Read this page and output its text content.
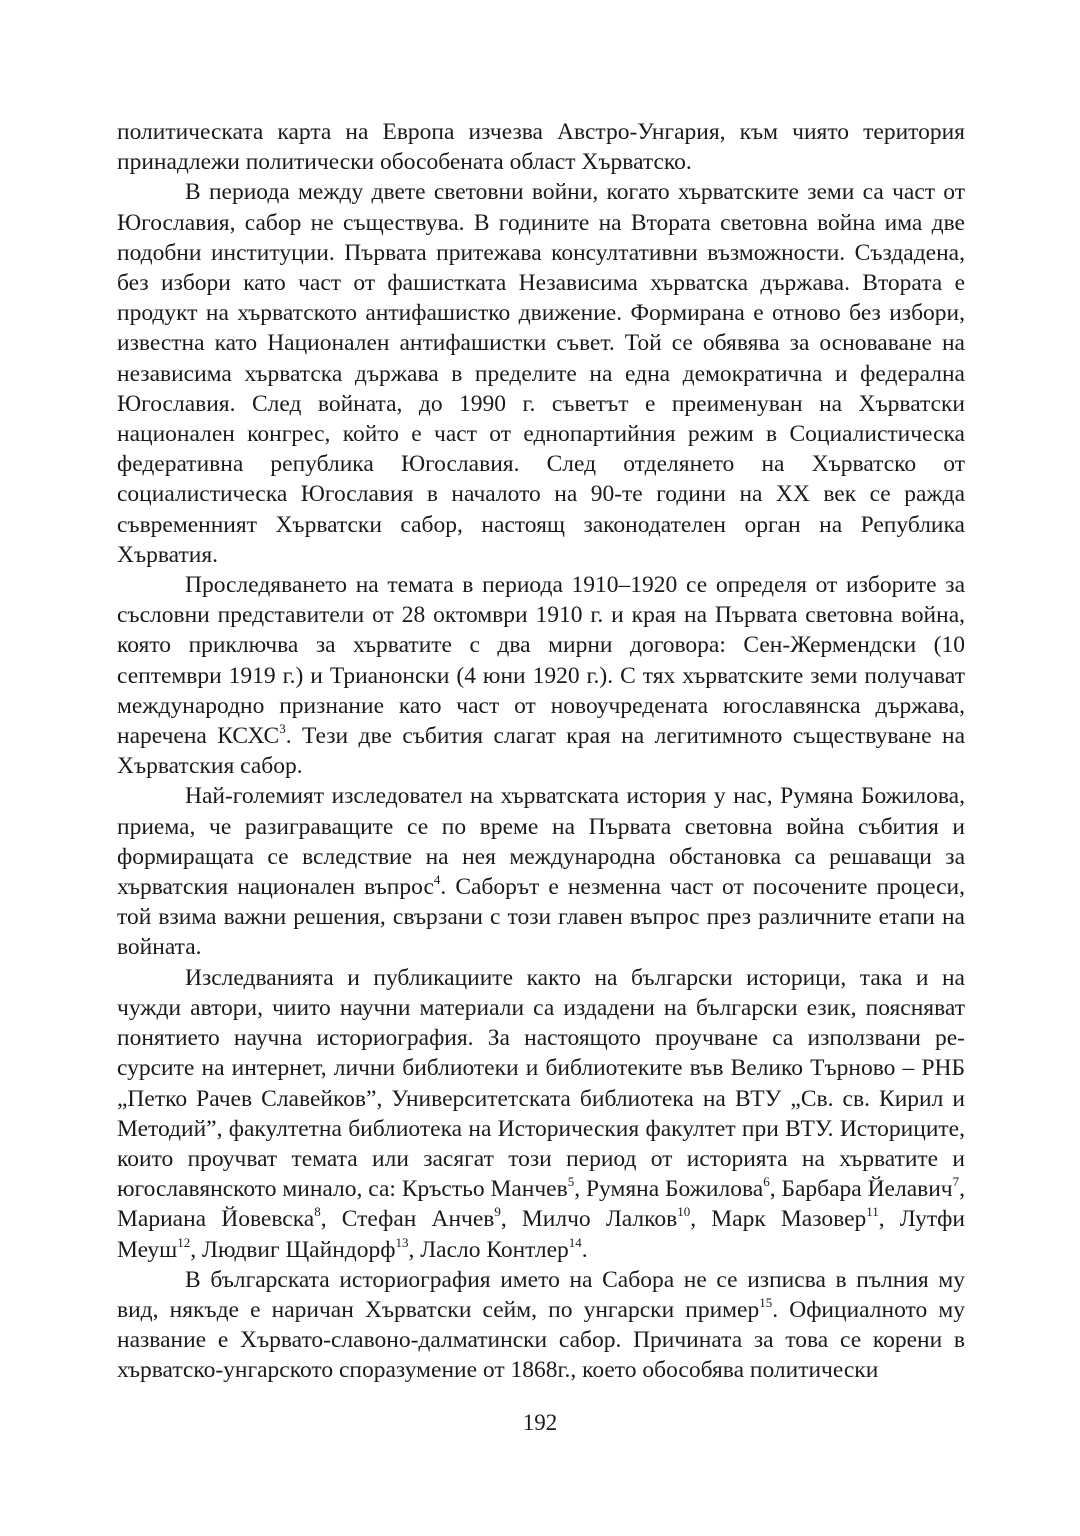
политическата карта на Европа изчезва Австро-Унгария, към чиято територия принадлежи политически обособената област Хърватско.

В периода между двете световни войни, когато хърватските земи са част от Югославия, сабор не съществува. В годините на Втората световна война има две подобни институции. Първата притежава консултативни възможности. Създадена, без избори като част от фашистката Независима хърватска държава. Втората е продукт на хърватското антифашистко движение. Формирана е отново без избори, известна като Национален антифашистки съвет. Той се обявява за основаване на независима хърватска държава в пределите на една демократична и федерална Югославия. След войната, до 1990 г. съветът е преименуван на Хърватски национален конгрес, който е част от еднопартийния режим в Социалистическа федеративна република Югославия. След отделянето на Хърватско от социалистическа Югославия в началото на 90-те години на XX век се ражда съвременният Хърватски сабор, настоящ законодателен орган на Република Хърватия.

Проследяването на темата в периода 1910–1920 се определя от изборите за съсловни представители от 28 октомври 1910 г. и края на Първата световна война, която приключва за хърватите с два мирни договора: Сен-Жермендски (10 септември 1919 г.) и Трианонски (4 юни 1920 г.). С тях хърватските земи получават международно признание като част от новоучредената югославянска държава, наречена КСХС$^3$. Тези две събития слагат края на легитимното съществуване на Хърватския сабор.

Най-големият изследовател на хърватската история у нас, Румяна Божилова, приема, че разиграващите се по време на Първата световна война събития и формиращата се вследствие на нея международна обстановка са решаващи за хърватския национален въпрос$^4$. Саборът е незменна част от посочените процеси, той взима важни решения, свързани с този главен въпрос през различните етапи на войната.

Изследванията и публикациите както на български историци, така и на чужди автори, чиито научни материали са издадени на български език, поясняват понятието научна историография. За настоящото проучване са използвани ресурсите на интернет, лични библиотеки и библиотеките във Велико Търново – РНБ „Петко Рачев Славейков”, Университетската библиотека на ВТУ „Св. св. Кирил и Методий”, факултетна библиотека на Историческия факултет при ВТУ. Историците, които проучват темата или засягат този период от историята на хърватите и югославянското минало, са: Кръстьо Манчев$^5$, Румяна Божилова$^6$, Барбара Йелавич$^7$, Мариана Йовевска$^8$, Стефан Анчев$^9$, Милчо Лалков$^{10}$, Марк Мазовер$^{11}$, Лутфи Меуш$^{12}$, Людвиг Щайндорф$^{13}$, Ласло Контлер$^{14}$.

В българската историография името на Сабора не се изписва в пълния му вид, някъде е наричан Хърватски сейм, по унгарски пример$^{15}$. Официалното му название е Хървато-славоно-далматински сабор. Причината за това се корени в хърватско-унгарското споразумение от 1868г., което обособява политически

192
